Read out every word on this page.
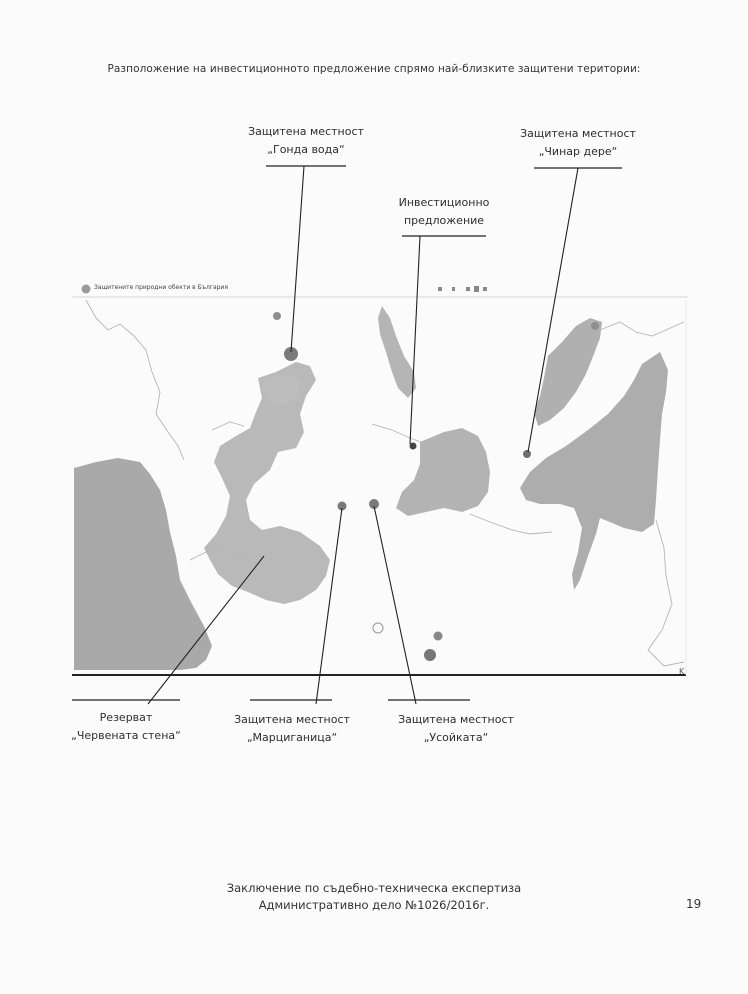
Разположение на инвестиционното предложение спрямо най-близките защитени територии:
Защитените природни обекти в България
K
Защитена местност
„Гонда вода“
Защитена местност
„Чинар дере“
Инвестиционно
предложение
Резерват
„Червената стена“
Защитена местност
„Марциганица“
Защитена местност
„Усойката“
Заключение по съдебно-техническа експертиза
Административно дело №1026/2016г.	19
